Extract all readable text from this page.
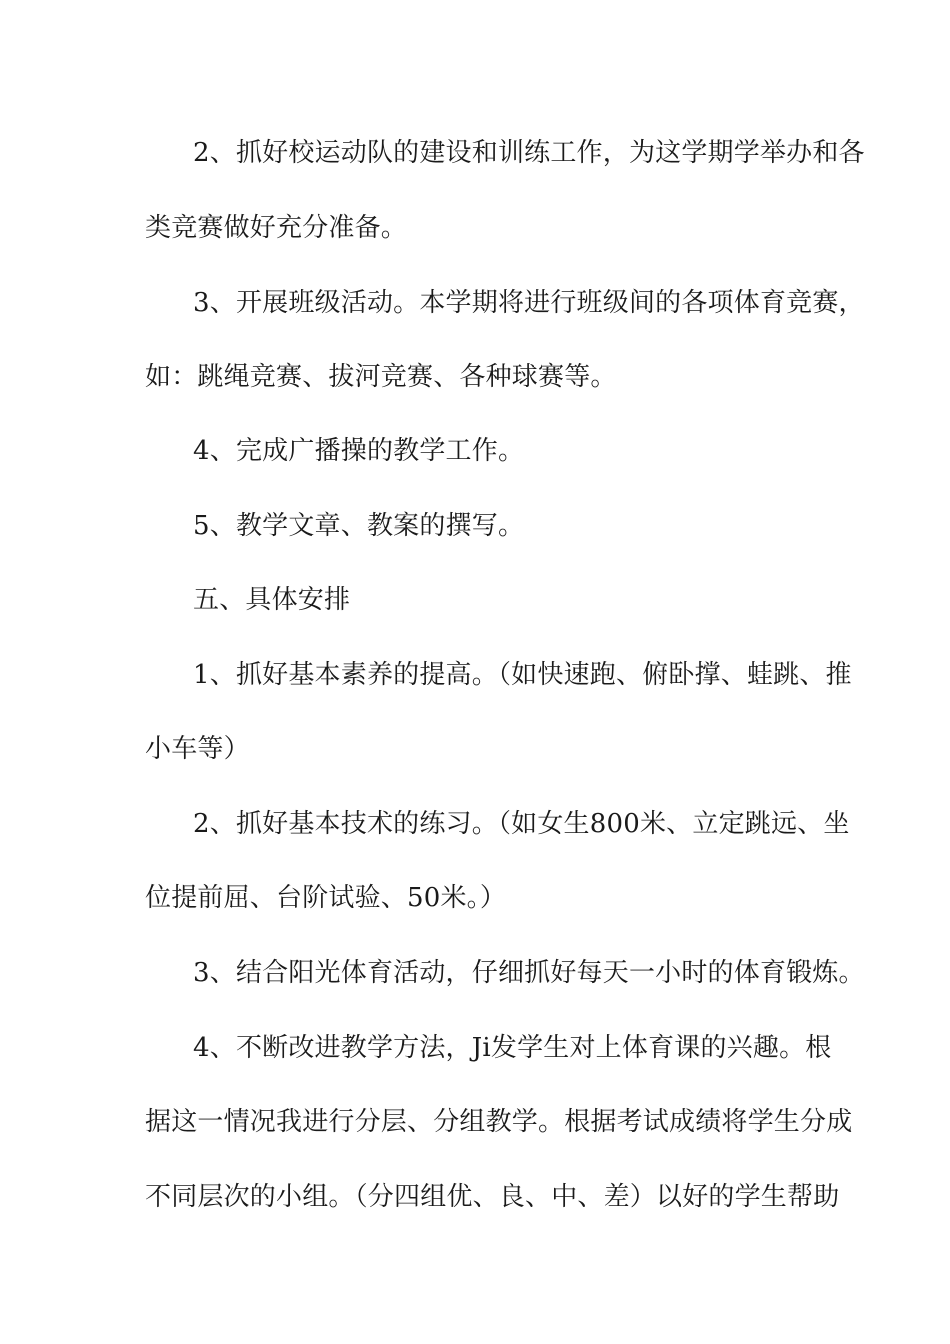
2、抓好校运动队的建设和训练工作，为这学期学举办和各
类竞赛做好充分准备。
3、开展班级活动。本学期将进行班级间的各项体育竞赛，
如：跳绳竞赛、拔河竞赛、各种球赛等。
4、完成广播操的教学工作。
5、教学文章、教案的撰写。
五、具体安排
1、抓好基本素养的提高。（如快速跑、俯卧撑、蛙跳、推
小车等）
2、抓好基本技术的练习。（如女生800米、立定跳远、坐
位提前屈、台阶试验、50米。）
3、结合阳光体育活动，仔细抓好每天一小时的体育锻炼。
4、不断改进教学方法，Ji发学生对上体育课的兴趣。根
据这一情况我进行分层、分组教学。根据考试成绩将学生分成
不同层次的小组。（分四组优、良、中、差）以好的学生帮助
